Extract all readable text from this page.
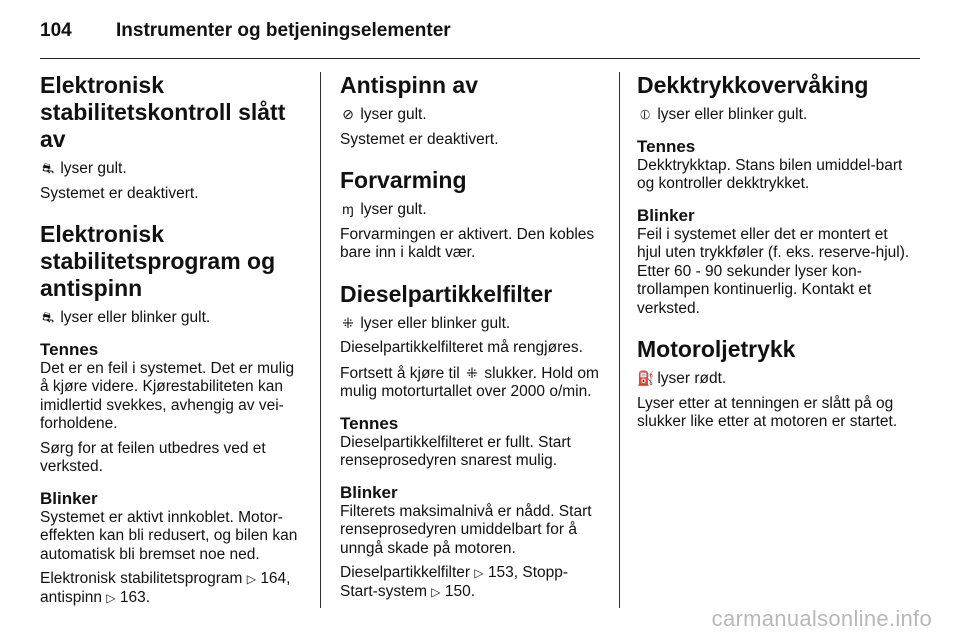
104	Instrumenter og betjeningselementer
Elektronisk stabilitetskontroll slått av

⛐ lyser gult.

Systemet er deaktivert.

Elektronisk stabilitetsprogram og antispinn

⛐ lyser eller blinker gult.

Tennes

Det er en feil i systemet. Det er mulig å kjøre videre. Kjørestabiliteten kan imidlertid svekkes, avhengig av vei-forholdene.

Sørg for at feilen utbedres ved et verksted.

Blinker

Systemet er aktivt innkoblet. Motor-effekten kan bli redusert, og bilen kan automatisk bli bremset noe ned.

Elektronisk stabilitetsprogram ▷ 164, antispinn ▷ 163.

Antispinn av

⊘ lyser gult.

Systemet er deaktivert.

Forvarming

ɱ lyser gult.

Forvarmingen er aktivert. Den kobles bare inn i kaldt vær.

Dieselpartikkelfilter

⁜ lyser eller blinker gult.

Dieselpartikkelfilteret må rengjøres.

Fortsett å kjøre til ⁜ slukker. Hold om mulig motorturtallet over 2000 o/min.

Tennes

Dieselpartikkelfilteret er fullt. Start renseprosedyren snarest mulig.

Blinker

Filterets maksimalnivå er nådd. Start renseprosedyren umiddelbart for å unngå skade på motoren.

Dieselpartikkelfilter ▷ 153, Stopp- Start-system ▷ 150.

Dekktrykkovervåking

⦶ lyser eller blinker gult.

Tennes

Dekktrykktap. Stans bilen umiddel-bart og kontroller dekktrykket.

Blinker

Feil i systemet eller det er montert et hjul uten trykkføler (f. eks. reserve-hjul). Etter 60 - 90 sekunder lyser kon-trollampen kontinuerlig. Kontakt et verksted.

Motoroljetrykk

⛽ lyser rødt.

Lyser etter at tenningen er slått på og slukker like etter at motoren er startet.

carmanualsonline.info
